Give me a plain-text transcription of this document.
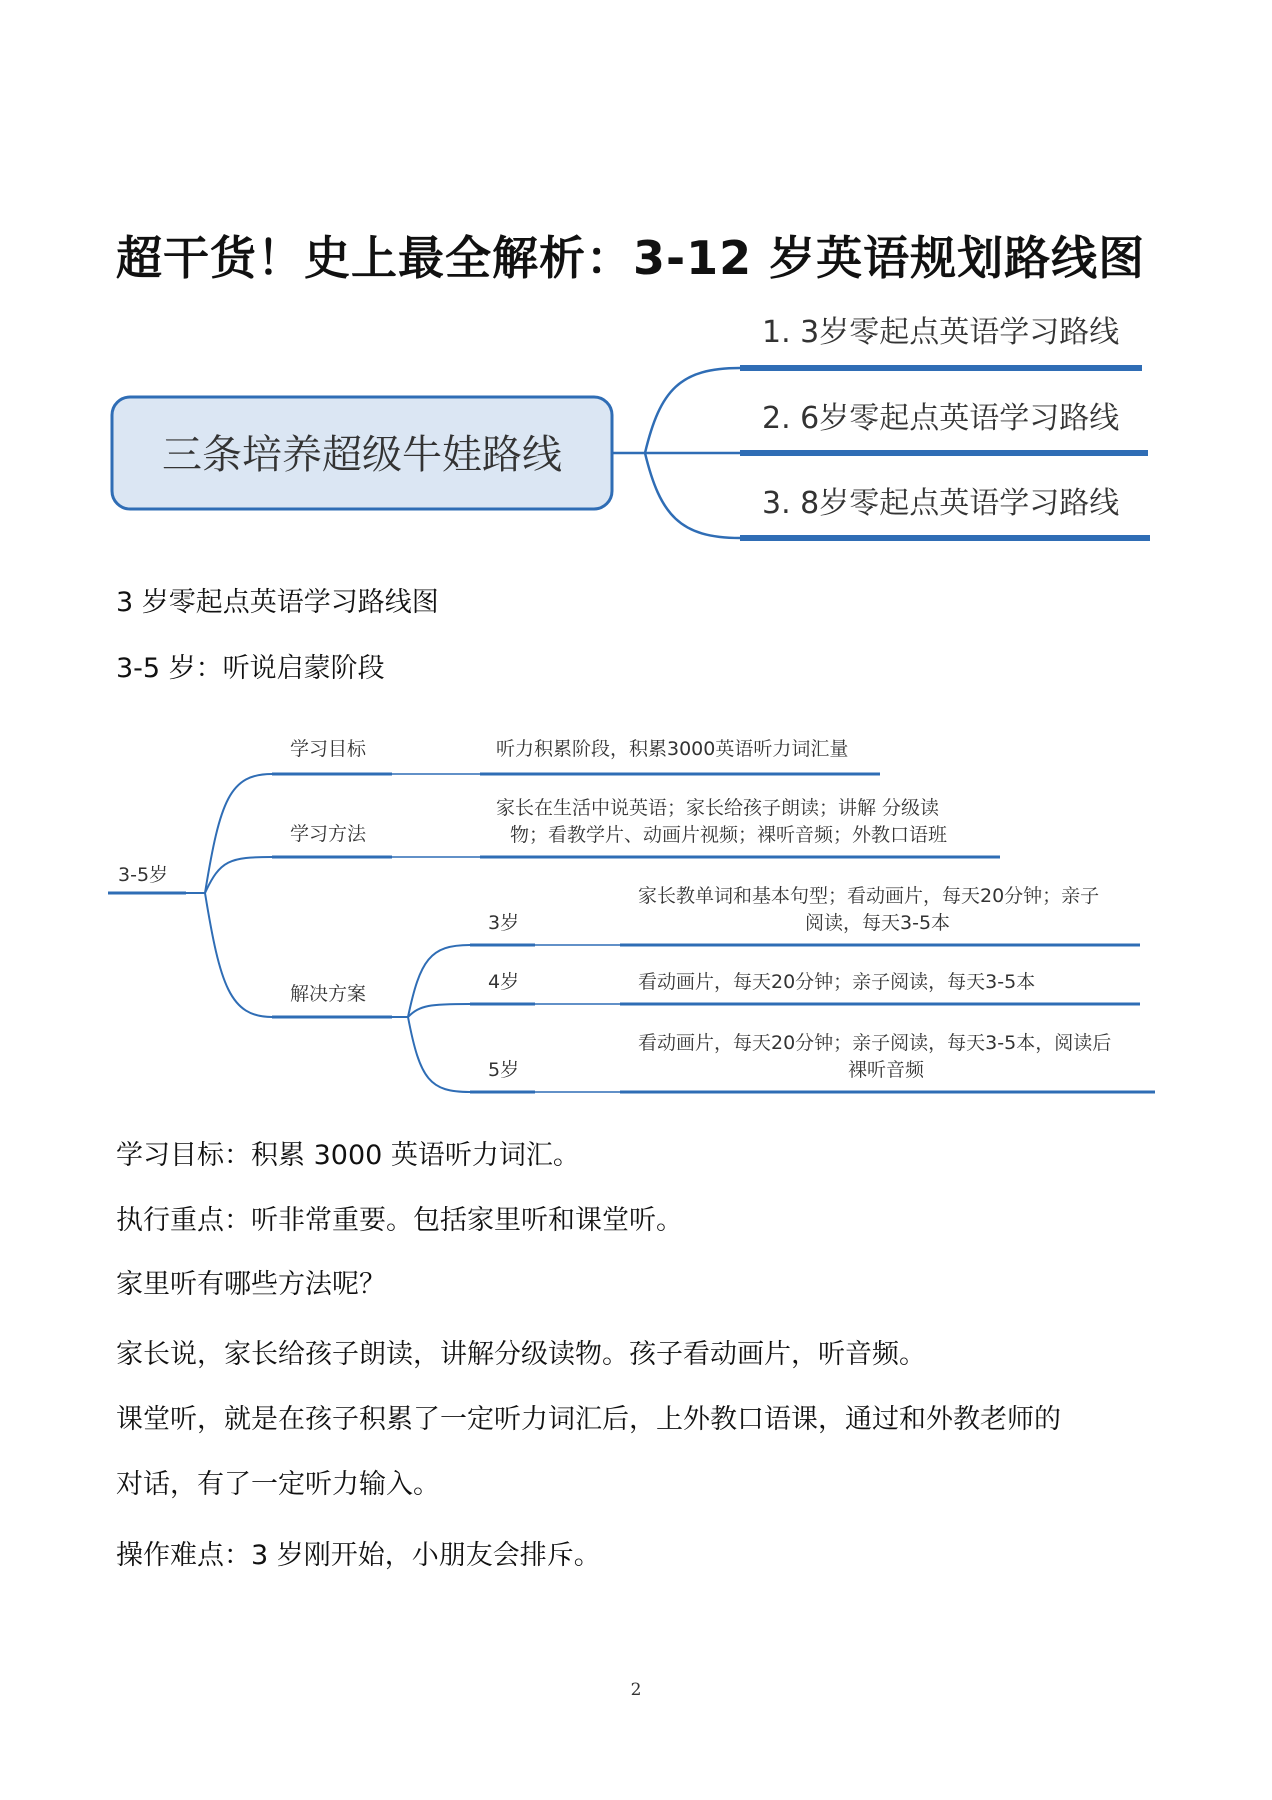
超干货！史上最全解析：3-12 岁英语规划路线图
三条培养超级牛娃路线
1. 3岁零起点英语学习路线
2. 6岁零起点英语学习路线
3. 8岁零起点英语学习路线
3 岁零起点英语学习路线图
3-5 岁：听说启蒙阶段
3-5岁
学习目标	听力积累阶段，积累3000英语听力词汇量
学习方法
家长在生活中说英语；家长给孩子朗读；讲解 分级读
物；看教学片、动画片视频；裸听音频；外教口语班
解决方案
3岁
家长教单词和基本句型；看动画片，每天20分钟；亲子
阅读，每天3-5本
4岁	看动画片，每天20分钟；亲子阅读，每天3-5本
5岁
看动画片，每天20分钟；亲子阅读，每天3-5本，阅读后
裸听音频
学习目标：积累 3000 英语听力词汇。
执行重点：听非常重要。包括家里听和课堂听。
家里听有哪些方法呢？
家长说，家长给孩子朗读，讲解分级读物。孩子看动画片，听音频。
课堂听，就是在孩子积累了一定听力词汇后，上外教口语课，通过和外教老师的
对话，有了一定听力输入。
操作难点：3 岁刚开始，小朋友会排斥。
2
